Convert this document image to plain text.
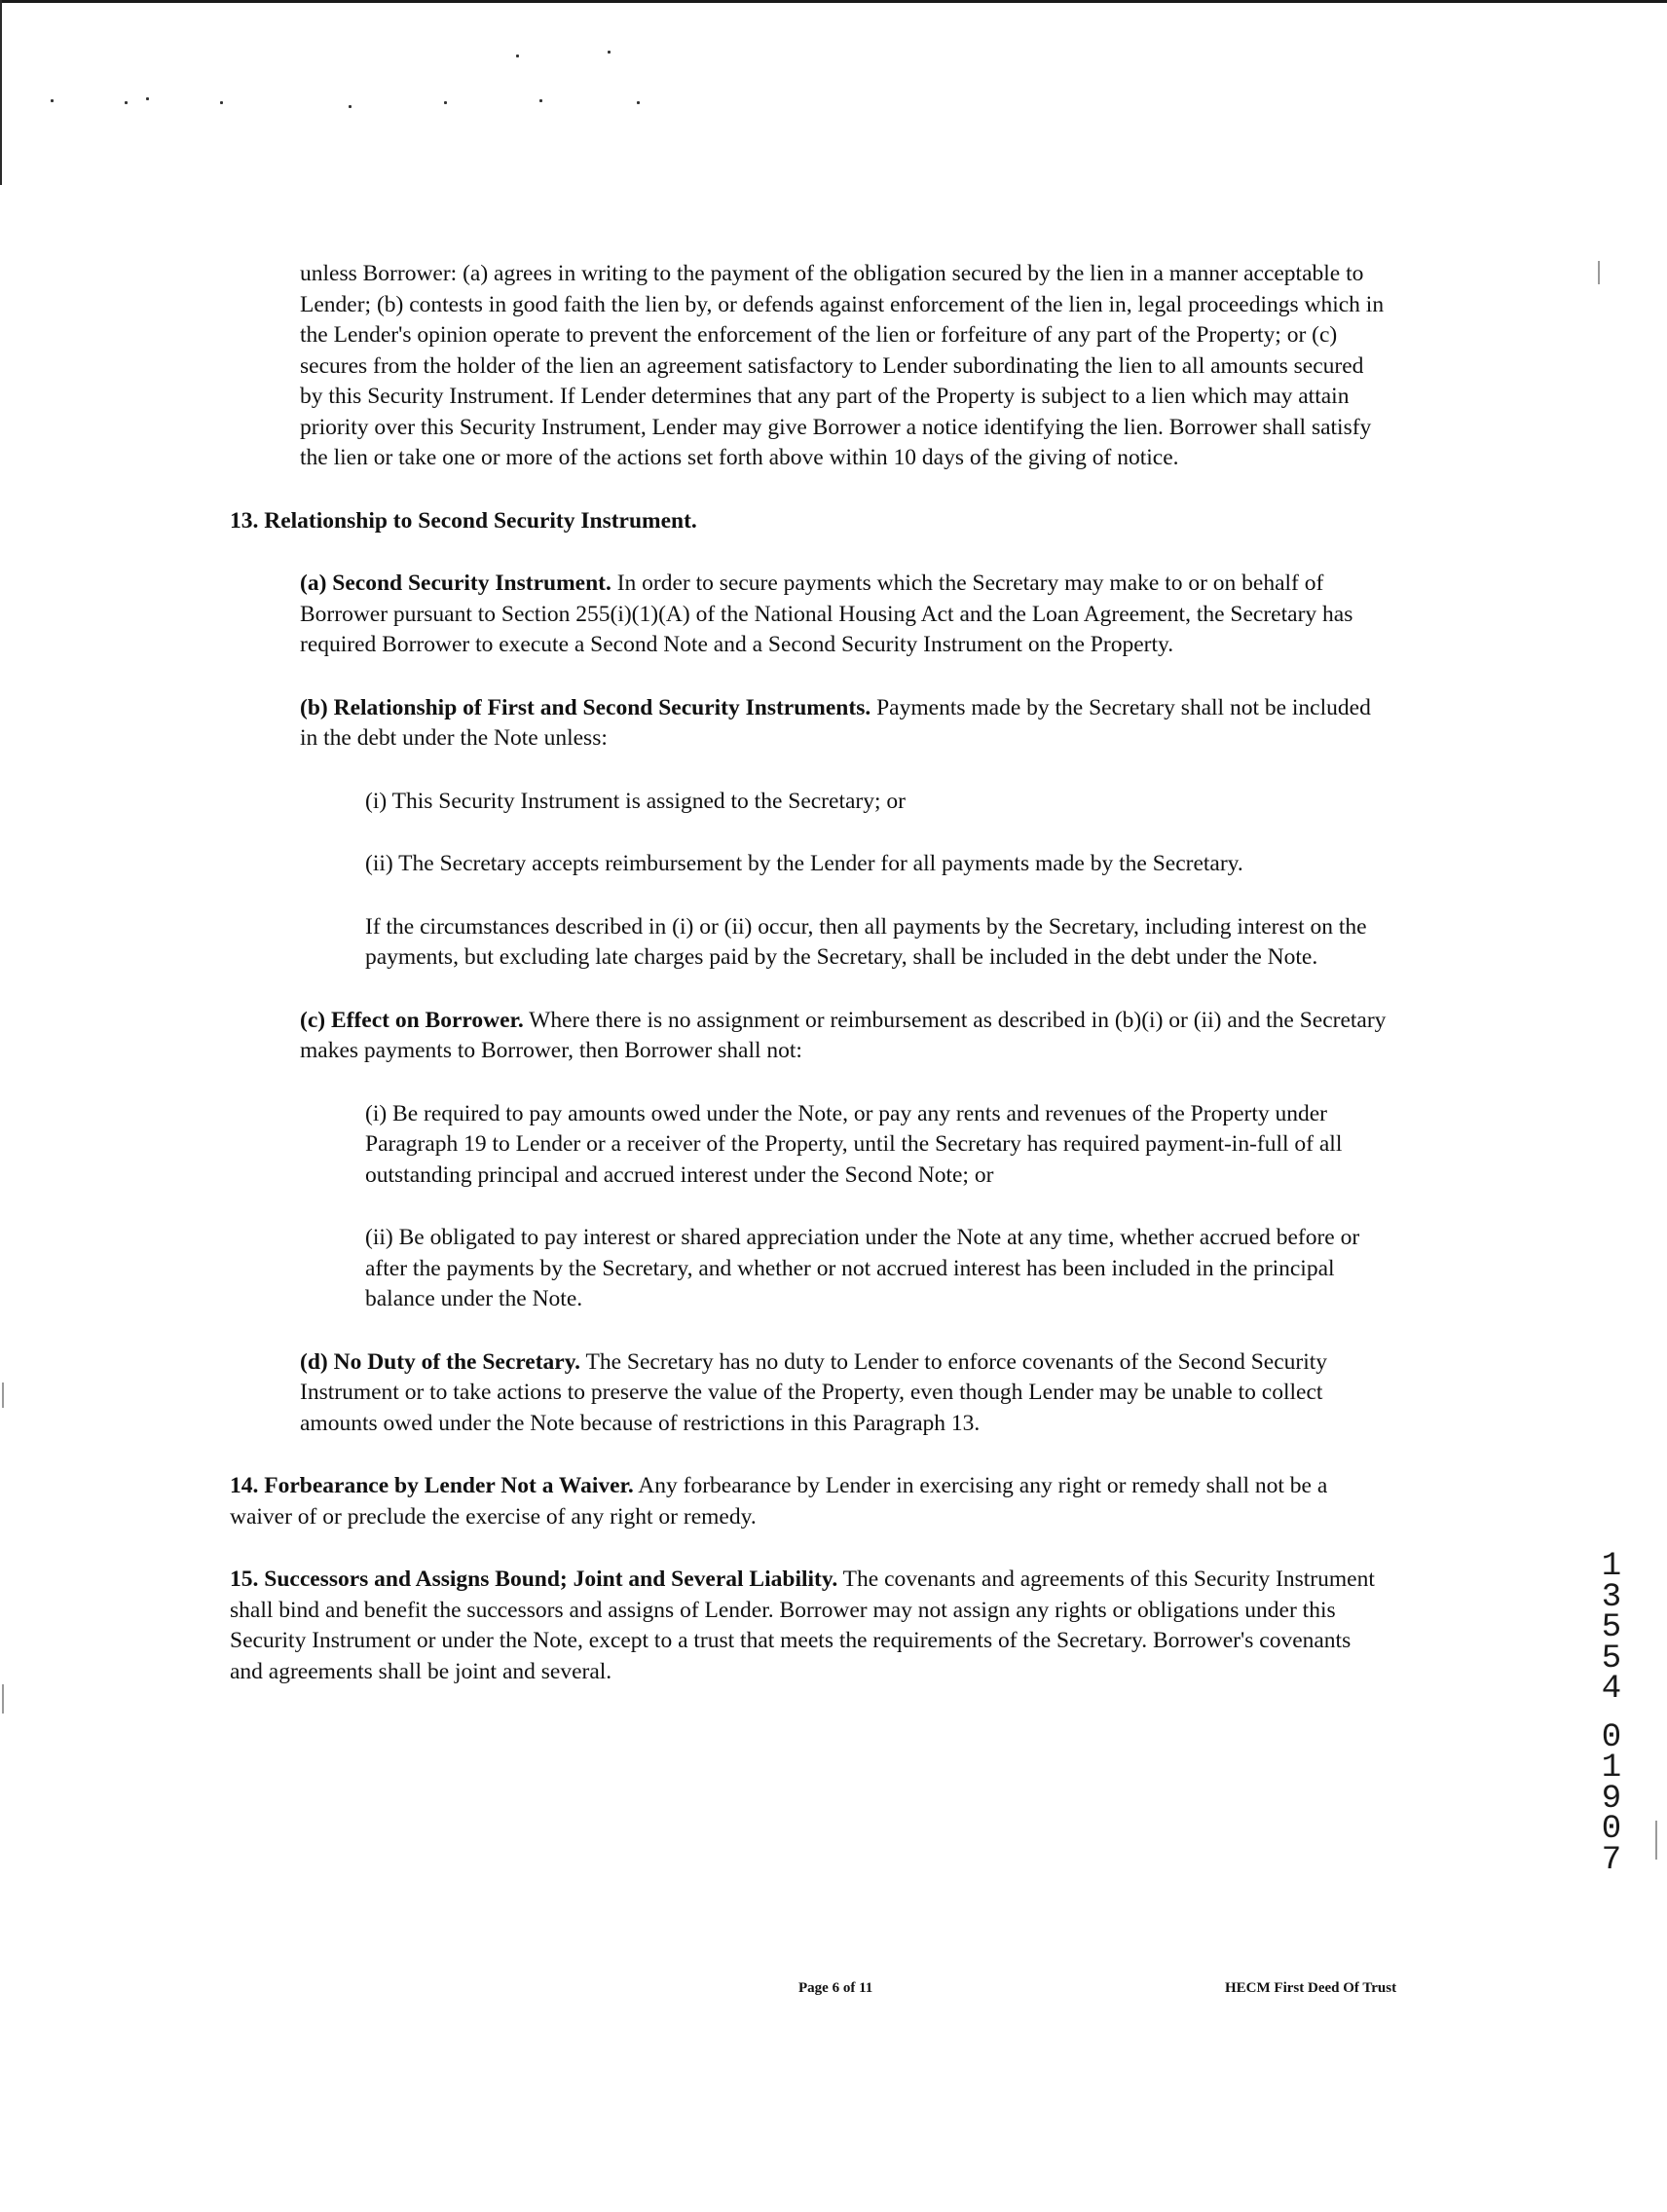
unless Borrower: (a) agrees in writing to the payment of the obligation secured by the lien in a manner acceptable to Lender; (b) contests in good faith the lien by, or defends against enforcement of the lien in, legal proceedings which in the Lender's opinion operate to prevent the enforcement of the lien or forfeiture of any part of the Property; or (c) secures from the holder of the lien an agreement satisfactory to Lender subordinating the lien to all amounts secured by this Security Instrument. If Lender determines that any part of the Property is subject to a lien which may attain priority over this Security Instrument, Lender may give Borrower a notice identifying the lien. Borrower shall satisfy the lien or take one or more of the actions set forth above within 10 days of the giving of notice.

13. Relationship to Second Security Instrument.

(a) Second Security Instrument. In order to secure payments which the Secretary may make to or on behalf of Borrower pursuant to Section 255(i)(1)(A) of the National Housing Act and the Loan Agreement, the Secretary has required Borrower to execute a Second Note and a Second Security Instrument on the Property.

(b) Relationship of First and Second Security Instruments. Payments made by the Secretary shall not be included in the debt under the Note unless:

(i) This Security Instrument is assigned to the Secretary; or

(ii) The Secretary accepts reimbursement by the Lender for all payments made by the Secretary.

If the circumstances described in (i) or (ii) occur, then all payments by the Secretary, including interest on the payments, but excluding late charges paid by the Secretary, shall be included in the debt under the Note.

(c) Effect on Borrower. Where there is no assignment or reimbursement as described in (b)(i) or (ii) and the Secretary makes payments to Borrower, then Borrower shall not:

(i) Be required to pay amounts owed under the Note, or pay any rents and revenues of the Property under Paragraph 19 to Lender or a receiver of the Property, until the Secretary has required payment-in-full of all outstanding principal and accrued interest under the Second Note; or

(ii) Be obligated to pay interest or shared appreciation under the Note at any time, whether accrued before or after the payments by the Secretary, and whether or not accrued interest has been included in the principal balance under the Note.

(d) No Duty of the Secretary. The Secretary has no duty to Lender to enforce covenants of the Second Security Instrument or to take actions to preserve the value of the Property, even though Lender may be unable to collect amounts owed under the Note because of restrictions in this Paragraph 13.

14. Forbearance by Lender Not a Waiver. Any forbearance by Lender in exercising any right or remedy shall not be a waiver of or preclude the exercise of any right or remedy.

15. Successors and Assigns Bound; Joint and Several Liability. The covenants and agreements of this Security Instrument shall bind and benefit the successors and assigns of Lender. Borrower may not assign any rights or obligations under this Security Instrument or under the Note, except to a trust that meets the requirements of the Secretary. Borrower's covenants and agreements shall be joint and several.

Page 6 of 11	HECM First Deed Of Trust
1
3
5
5
4
0
1
9
0
7
